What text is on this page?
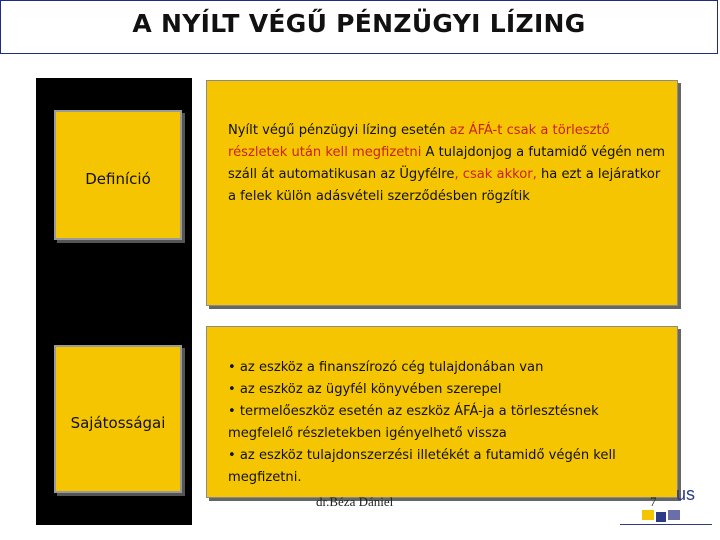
A NYÍLT VÉGŰ PÉNZÜGYI LÍZING
Definíció
Sajátosságai

Nyílt végű pénzügyi lízing esetén az ÁFÁ-t csak a törlesztő részletek után kell megfizetni A tulajdonjog a futamidő végén nem száll át automatikusan az Ügyfélre, csak akkor, ha ezt a lejáratkor a felek külön adásvételi szerződésben rögzítik

• az eszköz a finanszírozó cég tulajdonában van

• az eszköz az ügyfél könyvében szerepel

• termelőeszköz esetén az eszköz ÁFÁ-ja a törlesztésnek megfelelő részletekben igényelhető vissza

• az eszköz tulajdonszerzési illetékét a futamidő végén kell megfizetni.

dr.Béza Dániel	7 us
